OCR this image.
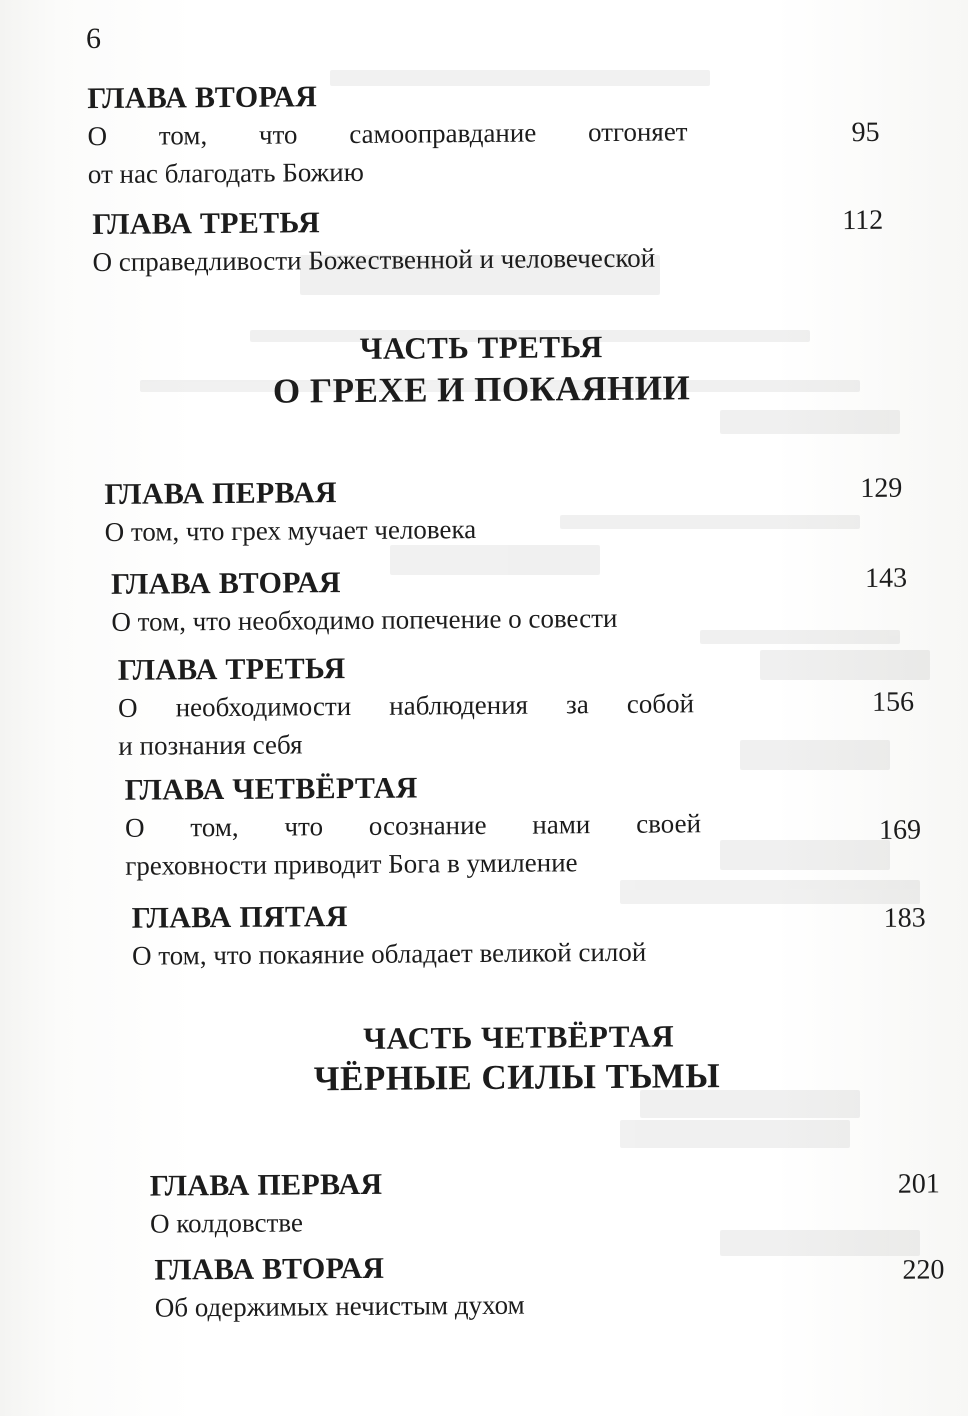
6
ГЛАВА ВТОРАЯ
О том, что самооправдание отгоняет
от нас благодать Божию
95
ГЛАВА ТРЕТЬЯ
О справедливости Божественной и человеческой
112
ЧАСТЬ ТРЕТЬЯ
О ГРЕХЕ И ПОКАЯНИИ
ГЛАВА ПЕРВАЯ
О том, что грех мучает человека
129
ГЛАВА ВТОРАЯ
О том, что необходимо попечение о совести
143
ГЛАВА ТРЕТЬЯ
О необходимости наблюдения за собой
и познания себя
156
ГЛАВА ЧЕТВЁРТАЯ
О том, что осознание нами своей
греховности приводит Бога в умиление
169
ГЛАВА ПЯТАЯ
О том, что покаяние обладает великой силой
183
ЧАСТЬ ЧЕТВЁРТАЯ
ЧЁРНЫЕ СИЛЫ ТЬМЫ
ГЛАВА ПЕРВАЯ
О колдовстве
201
ГЛАВА ВТОРАЯ
Об одержимых нечистым духом
220
